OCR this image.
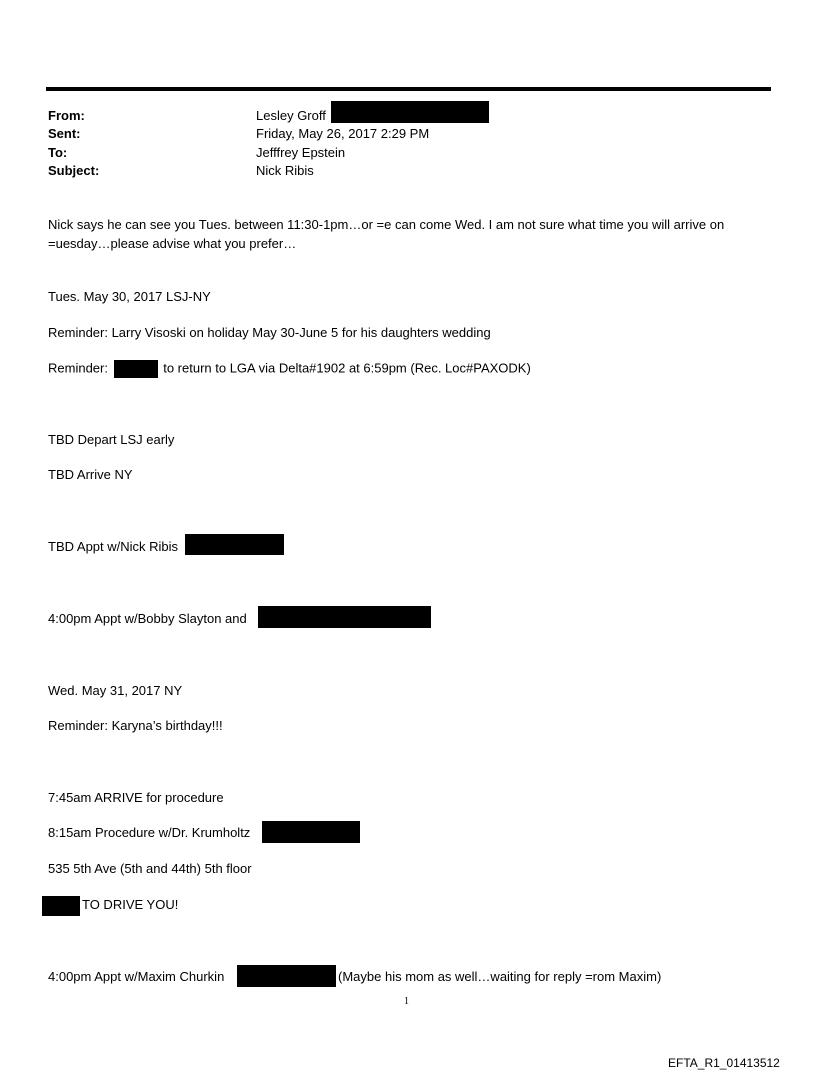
From:	Lesley Groff
Sent:	Friday, May 26, 2017 2:29 PM
To:	Jefffrey Epstein
Subject:	Nick Ribis
Nick says he can see you Tues. between 11:30-1pm…or =e can come Wed. I am not sure what time you will arrive on
=uesday…please advise what you prefer…
Tues. May 30, 2017 LSJ-NY
Reminder: Larry Visoski on holiday May 30-June 5 for his daughters wedding
Reminder:	to return to LGA via Delta#1902 at 6:59pm (Rec. Loc#PAXODK)
TBD Depart LSJ early
TBD Arrive NY
TBD Appt w/Nick Ribis
4:00pm Appt w/Bobby Slayton and
Wed. May 31, 2017 NY
Reminder: Karyna’s birthday!!!
7:45am ARRIVE for procedure
8:15am Procedure w/Dr. Krumholtz
535 5th Ave (5th and 44th) 5th floor
TO DRIVE YOU!
4:00pm Appt w/Maxim Churkin	(Maybe his mom as well…waiting for reply =rom Maxim)
1
EFTA_R1_01413512
